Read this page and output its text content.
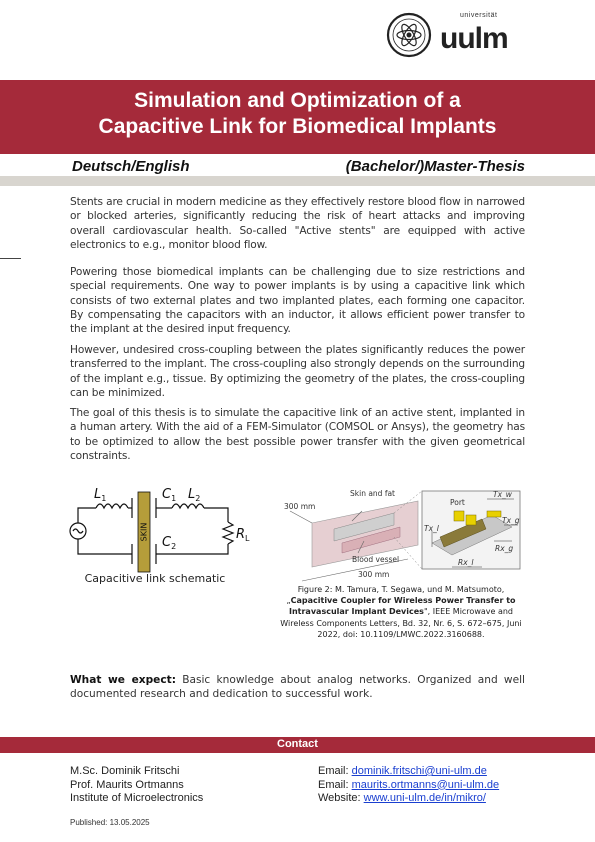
universität
uulm
Simulation and Optimization of a
Capacitive Link for Biomedical Implants
Deutsch/English	(Bachelor/)Master-Thesis

Stents are crucial in modern medicine as they effectively restore blood flow in narrowed or blocked arteries, significantly reducing the risk of heart attacks and improving overall cardiovascular health. So-called "Active stents" are equipped with active electronics to e.g., monitor blood flow.

Powering those biomedical implants can be challenging due to size restrictions and special requirements. One way to power implants is by using a capacitive link which consists of two external plates and two implanted plates, each forming one capacitor. By compensating the capacitors with an inductor, it allows efficient power transfer to the implant at the desired input frequency.

However, undesired cross-coupling between the plates significantly reduces the power transferred to the implant. The cross-coupling also strongly depends on the surrounding of the implant e.g., tissue. By optimizing the geometry of the plates, the cross-coupling can be minimized.

The goal of this thesis is to simulate the capacitive link of an active stent, implanted in a human artery. With the aid of a FEM-Simulator (COMSOL or Ansys), the geometry has to be optimized to allow the best possible power transfer with the given geometrical constraints.

SKIN
$L_1$	$C_1$ $L_2$
$C_2$
$R_L$
Capacitive link schematic
Skin and fat
300 mm
300 mm
Blood vessel
Port
Tx_w
Tx_l
Tx_g
Rx_g
Rx_l

Figure 2: M. Tamura, T. Segawa, und M. Matsumoto, „Capacitive Coupler for Wireless Power Transfer to Intravascular Implant Devices", IEEE Microwave and Wireless Components Letters, Bd. 32, Nr. 6, S. 672–675, Juni 2022, doi: 10.1109/LMWC.2022.3160688.

What we expect: Basic knowledge about analog networks. Organized and well documented research and dedication to successful work.

Contact
M.Sc. Dominik Fritschi
Prof. Maurits Ortmanns
Institute of Microelectronics
Email: dominik.fritschi@uni-ulm.de
Email: maurits.ortmanns@uni-ulm.de
Website: www.uni-ulm.de/in/mikro/
Published: 13.05.2025
